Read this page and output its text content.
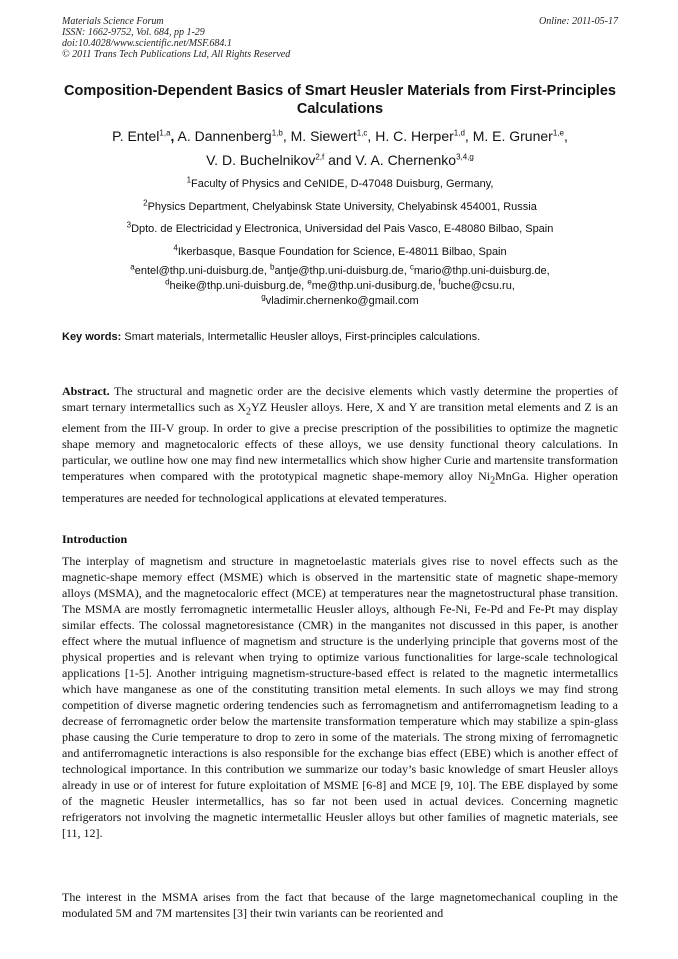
Materials Science Forum
ISSN: 1662-9752, Vol. 684, pp 1-29
doi:10.4028/www.scientific.net/MSF.684.1
© 2011 Trans Tech Publications Ltd, All Rights Reserved
Online: 2011-05-17
Composition-Dependent Basics of Smart Heusler Materials from First-Principles Calculations
P. Entel$^{1,a}$, A. Dannenberg$^{1,b}$, M. Siewert$^{1,c}$, H. C. Herper$^{1,d}$, M. E. Gruner$^{1,e}$,
V. D. Buchelnikov$^{2,f}$ and V. A. Chernenko$^{3,4,g}$
$^1$Faculty of Physics and CeNIDE, D-47048 Duisburg, Germany,
$^2$Physics Department, Chelyabinsk State University, Chelyabinsk 454001, Russia
$^3$Dpto. de Electricidad y Electronica, Universidad del Pais Vasco, E-48080 Bilbao, Spain
$^4$Ikerbasque, Basque Foundation for Science, E-48011 Bilbao, Spain
$^a$entel@thp.uni-duisburg.de, $^b$antje@thp.uni-duisburg.de, $^c$mario@thp.uni-duisburg.de,
$^d$heike@thp.uni-duisburg.de, $^e$me@thp.uni-dusiburg.de, $^f$buche@csu.ru,
$^g$vladimir.chernenko@gmail.com
Key words: Smart materials, Intermetallic Heusler alloys, First-principles calculations.
Abstract. The structural and magnetic order are the decisive elements which vastly determine the properties of smart ternary intermetallics such as $X_2YZ$ Heusler alloys. Here, X and Y are transition metal elements and Z is an element from the III-V group. In order to give a precise prescription of the possibilities to optimize the magnetic shape memory and magnetocaloric effects of these alloys, we use density functional theory calculations. In particular, we outline how one may find new intermetallics which show higher Curie and martensite transformation temperatures when compared with the prototypical magnetic shape-memory alloy $Ni_2MnGa$. Higher operation temperatures are needed for technological applications at elevated temperatures.
Introduction
The interplay of magnetism and structure in magnetoelastic materials gives rise to novel effects such as the magnetic-shape memory effect (MSME) which is observed in the martensitic state of magnetic shape-memory alloys (MSMA), and the magnetocaloric effect (MCE) at temperatures near the magnetostructural phase transition. The MSMA are mostly ferromagnetic intermetallic Heusler alloys, although Fe-Ni, Fe-Pd and Fe-Pt may display similar effects. The colossal magnetoresistance (CMR) in the manganites not discussed in this paper, is another effect where the mutual influence of magnetism and structure is the underlying principle that governs most of the physical properties and is relevant when trying to optimize various functionalities for large-scale technological applications [1-5]. Another intriguing magnetism-structure-based effect is related to the magnetic intermetallics which have manganese as one of the constituting transition metal elements. In such alloys we may find strong competition of diverse magnetic ordering tendencies such as ferromagnetism and antiferromagnetism leading to a decrease of ferromagnetic order below the martensite transformation temperature which may stabilize a spin-glass phase causing the Curie temperature to drop to zero in some of the materials. The strong mixing of ferromagnetic and antiferromagnetic interactions is also responsible for the exchange bias effect (EBE) which is another effect of technological importance. In this contribution we summarize our today’s basic knowledge of smart Heusler alloys already in use or of interest for future exploitation of MSME [6-8] and MCE [9, 10]. The EBE displayed by some of the magnetic Heusler intermetallics, has so far not been used in actual devices. Concerning magnetic refrigerators not involving the magnetic intermetallic Heusler alloys but other families of magnetic materials, see [11, 12].
The interest in the MSMA arises from the fact that because of the large magnetomechanical coupling in the modulated 5M and 7M martensites [3] their twin variants can be reoriented and
